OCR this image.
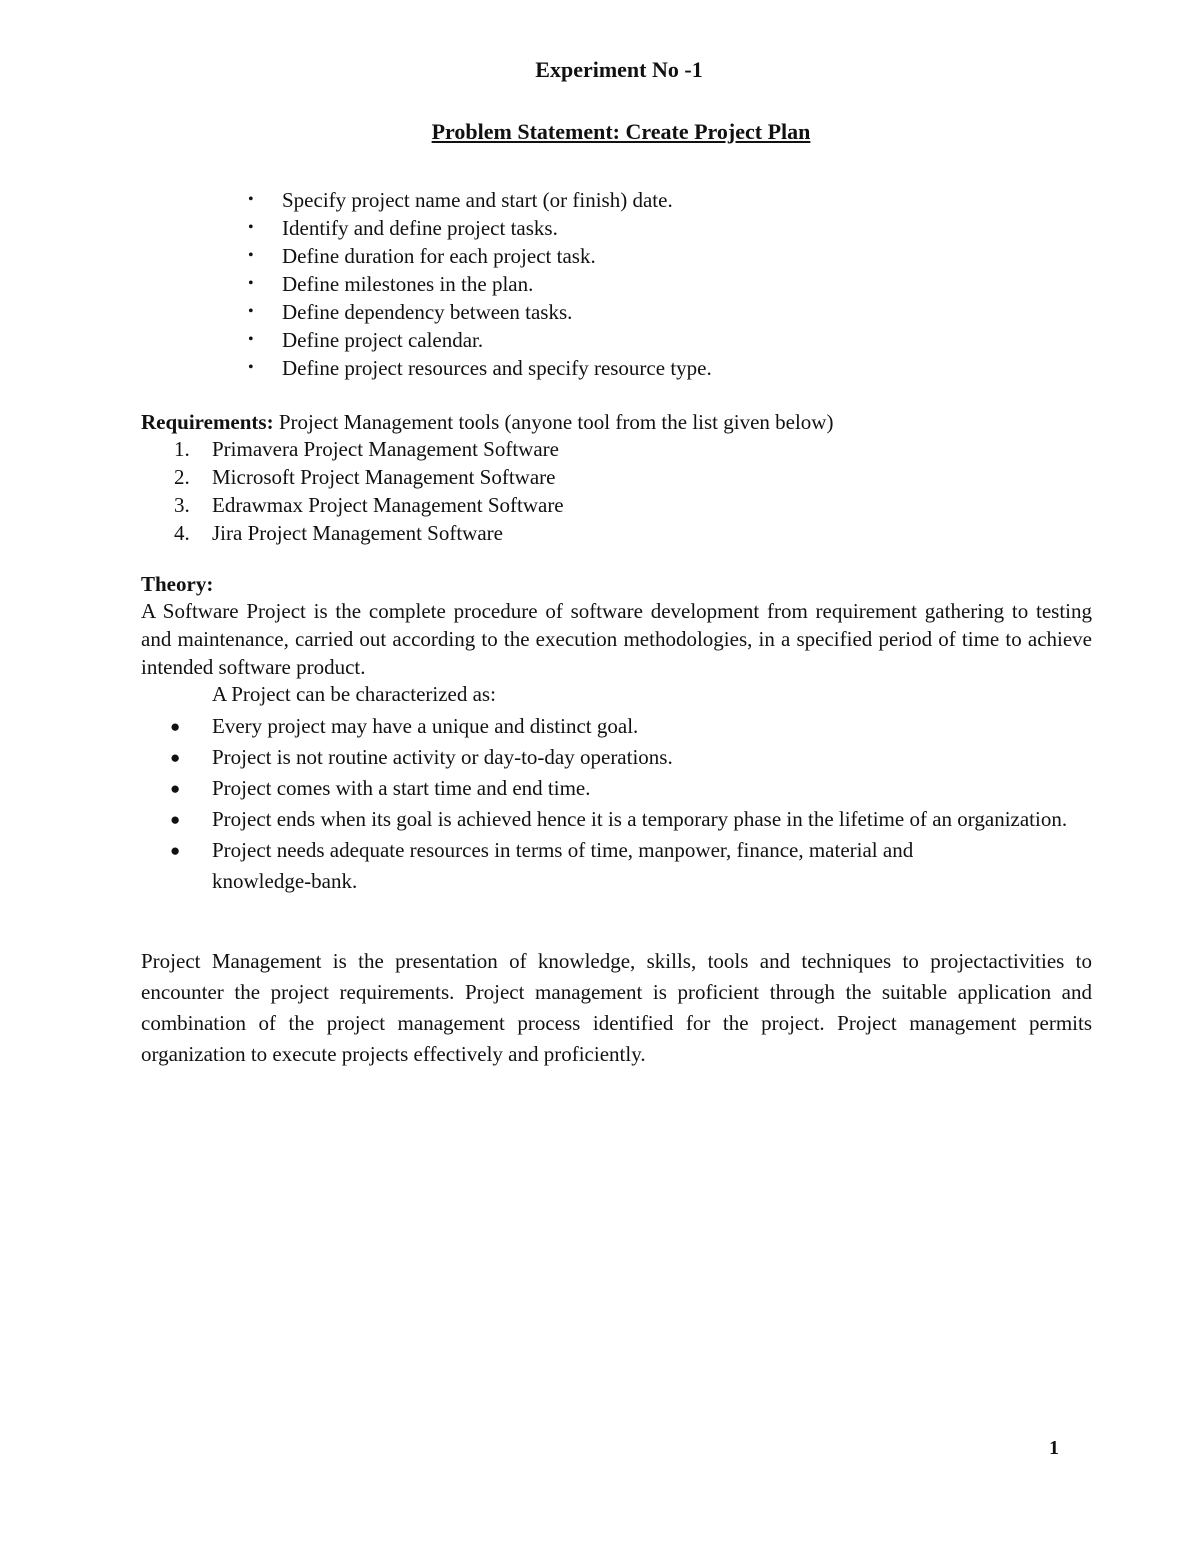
Experiment No -1
Problem Statement: Create Project Plan
• Specify project name and start (or finish) date.
• Identify and define project tasks.
• Define duration for each project task.
• Define milestones in the plan.
• Define dependency between tasks.
• Define project calendar.
• Define project resources and specify resource type.
Requirements: Project Management tools (anyone tool from the list given below)
1. Primavera Project Management Software
2. Microsoft Project Management Software
3. Edrawmax Project Management Software
4. Jira Project Management Software
Theory:

A Software Project is the complete procedure of software development from requirement gathering to testing and maintenance, carried out according to the execution methodologies, in a specified period of time to achieve intended software product.

A Project can be characterized as:
● Every project may have a unique and distinct goal.
● Project is not routine activity or day-to-day operations.
● Project comes with a start time and end time.
● Project ends when its goal is achieved hence it is a temporary phase in the lifetime of an organization.
● Project needs adequate resources in terms of time, manpower, finance, material and knowledge-bank.

Project Management is the presentation of knowledge, skills, tools and techniques to projectactivities to encounter the project requirements. Project management is proficient through the suitable application and combination of the project management process identified for the project. Project management permits organization to execute projects effectively and proficiently.

1
